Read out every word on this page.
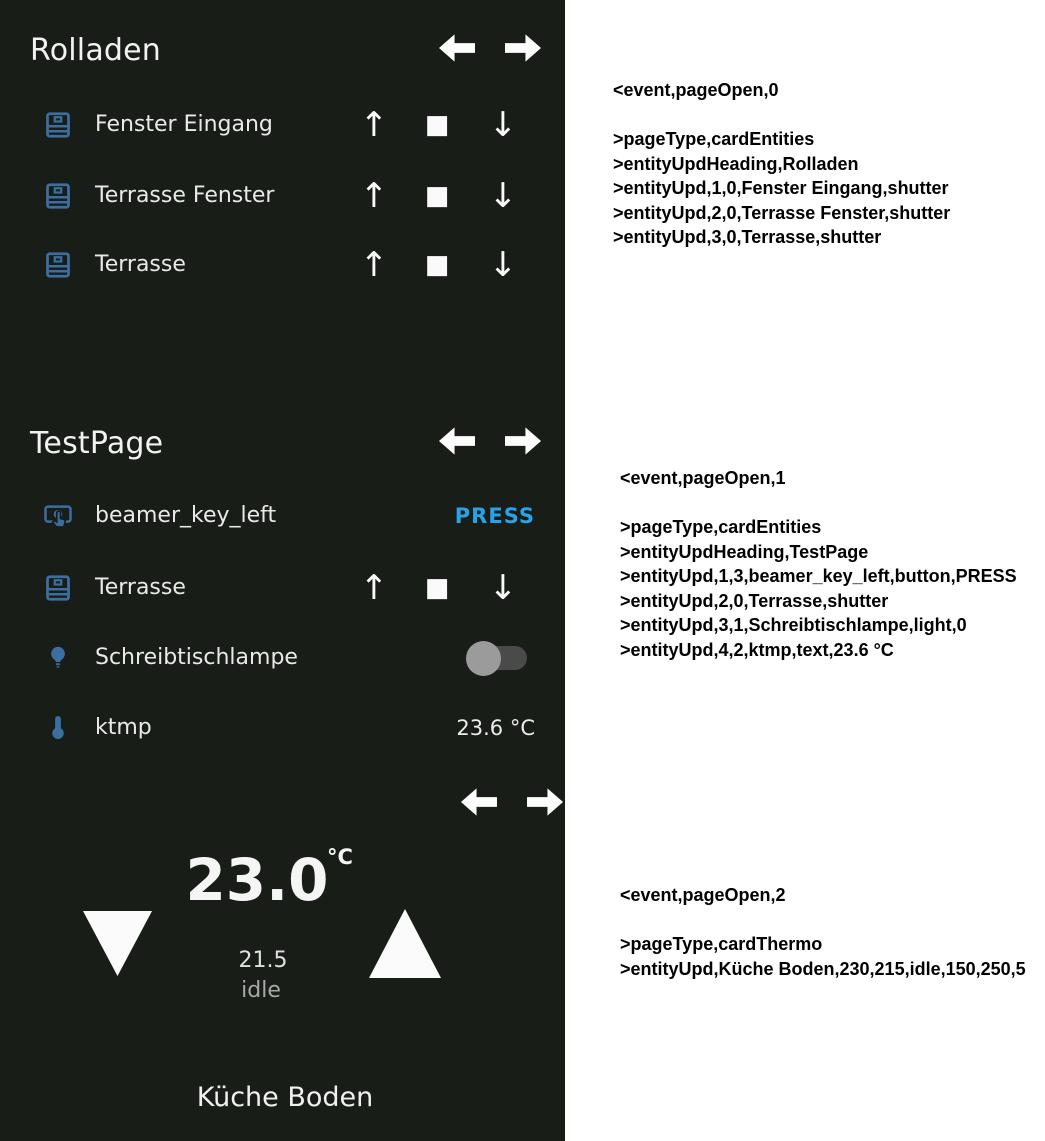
Rolladen
Fenster Eingang	↑ ■ ↓
Terrasse Fenster	↑ ■ ↓
Terrasse	↑ ■ ↓
TestPage
beamer_key_left	PRESS
Terrasse	↑ ■ ↓
Schreibtischlampe
ktmp	23.6 °C
23.0
°C
21.5
idle
Küche Boden
<event,pageOpen,0
>pageType,cardEntities
>entityUpdHeading,Rolladen
>entityUpd,1,0,Fenster Eingang,shutter
>entityUpd,2,0,Terrasse Fenster,shutter
>entityUpd,3,0,Terrasse,shutter
<event,pageOpen,1
>pageType,cardEntities
>entityUpdHeading,TestPage
>entityUpd,1,3,beamer_key_left,button,PRESS
>entityUpd,2,0,Terrasse,shutter
>entityUpd,3,1,Schreibtischlampe,light,0
>entityUpd,4,2,ktmp,text,23.6 °C
<event,pageOpen,2
>pageType,cardThermo
>entityUpd,Küche Boden,230,215,idle,150,250,5
